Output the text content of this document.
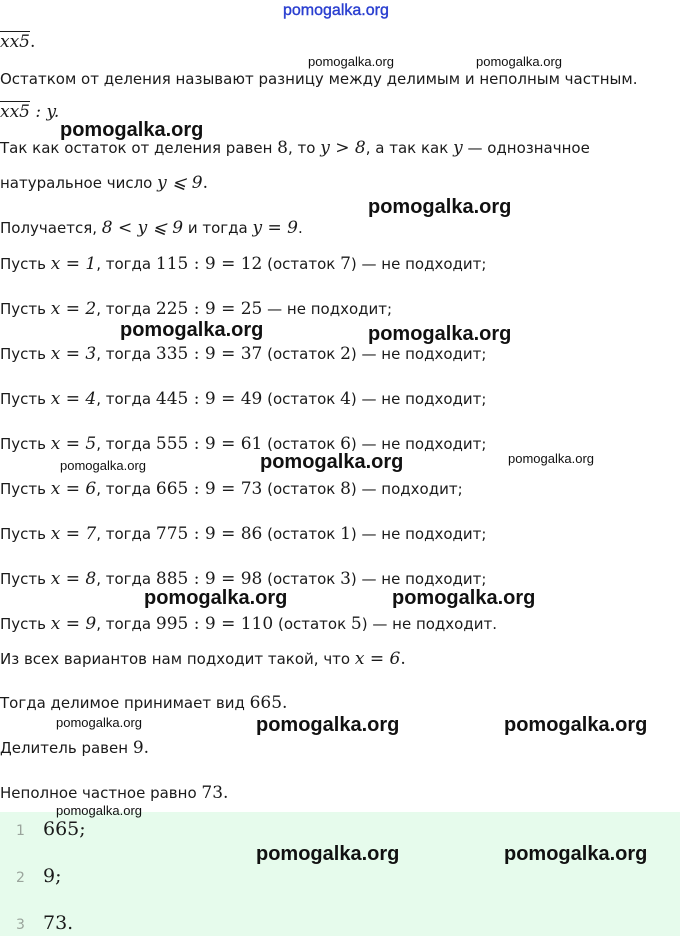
pomogalka.org
xx5.
Остатком от деления называют разницу между делимым и неполным частным.
xx5 : y.
Так как остаток от деления равен 8, то y > 8, а так как y — однозначное
натуральное число y ⩽ 9.
Получается, 8 < y ⩽ 9 и тогда y = 9.
Пусть x = 1, тогда 115 : 9 = 12 (остаток 7) — не подходит;
Пусть x = 2, тогда 225 : 9 = 25 — не подходит;
Пусть x = 3, тогда 335 : 9 = 37 (остаток 2) — не подходит;
Пусть x = 4, тогда 445 : 9 = 49 (остаток 4) — не подходит;
Пусть x = 5, тогда 555 : 9 = 61 (остаток 6) — не подходит;
Пусть x = 6, тогда 665 : 9 = 73 (остаток 8) — подходит;
Пусть x = 7, тогда 775 : 9 = 86 (остаток 1) — не подходит;
Пусть x = 8, тогда 885 : 9 = 98 (остаток 3) — не подходит;
Пусть x = 9, тогда 995 : 9 = 110 (остаток 5) — не подходит.
Из всех вариантов нам подходит такой, что x = 6.
Тогда делимое принимает вид 665.
Делитель равен 9.
Неполное частное равно 73.
1 665;
2 9;
3 73.
pomogalka.org	pomogalka.org
pomogalka.org
pomogalka.org
pomogalka.org	pomogalka.org
pomogalka.org	pomogalka.org	pomogalka.org
pomogalka.org	pomogalka.org
pomogalka.org	pomogalka.org	pomogalka.org
pomogalka.org
pomogalka.org	pomogalka.org
